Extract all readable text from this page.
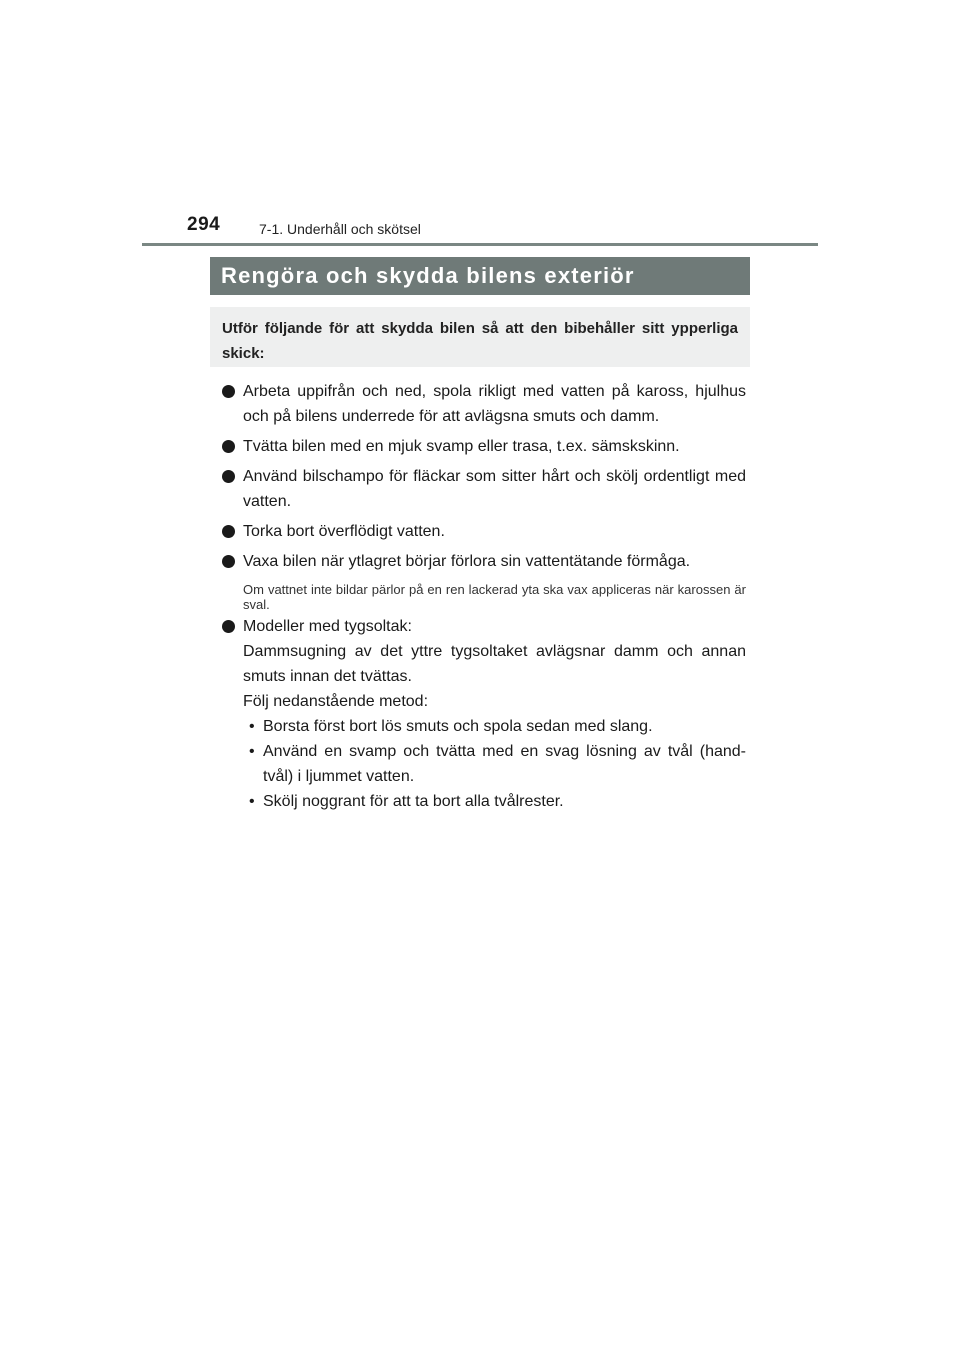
294	7-1. Underhåll och skötsel
Rengöra och skydda bilens exteriör
Utför följande för att skydda bilen så att den bibehåller sitt ypperliga skick:
Arbeta uppifrån och ned, spola rikligt med vatten på kaross, hjulhus och på bilens underrede för att avlägsna smuts och damm.
Tvätta bilen med en mjuk svamp eller trasa, t.ex. sämskskinn.
Använd bilschampo för fläckar som sitter hårt och skölj ordentligt med vatten.
Torka bort överflödigt vatten.
Vaxa bilen när ytlagret börjar förlora sin vattentätande förmåga.
Om vattnet inte bildar pärlor på en ren lackerad yta ska vax appliceras när karossen är sval.
Modeller med tygsoltak:
Dammsugning av det yttre tygsoltaket avlägsnar damm och annan smuts innan det tvättas.
Följ nedanstående metod:
• Borsta först bort lös smuts och spola sedan med slang.
• Använd en svamp och tvätta med en svag lösning av tvål (hand-tvål) i ljummet vatten.
• Skölj noggrant för att ta bort alla tvålrester.
